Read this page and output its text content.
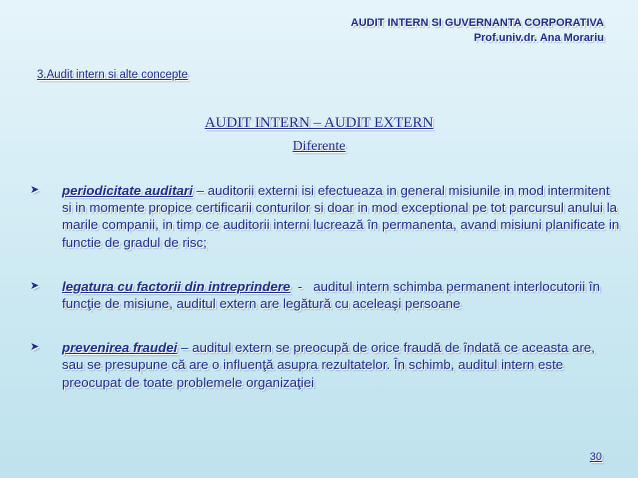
AUDIT INTERN SI GUVERNANTA CORPORATIVA
Prof.univ.dr. Ana Morariu
3.Audit intern si alte concepte
AUDIT INTERN – AUDIT EXTERN
Diferente
➤ periodicitate auditari – auditorii externi isi efectueaza in general misiunile in mod intermitent si in momente propice certificarii conturilor si doar in mod exceptional pe tot parcursul anului la marile companii, in timp ce auditorii interni lucrează în permanenta, avand misiuni planificate in functie de gradul de risc;
➤ legatura cu factorii din intreprindere  -   auditul intern schimba permanent interlocutorii în funcţie de misiune, auditul extern are legătură cu aceleaşi persoane
➤ prevenirea fraudei – auditul extern se preocupă de orice fraudă de îndată ce aceasta are, sau se presupune că are o influenţă asupra rezultatelor. În schimb, auditul intern este preocupat de toate problemele organizaţiei
30
